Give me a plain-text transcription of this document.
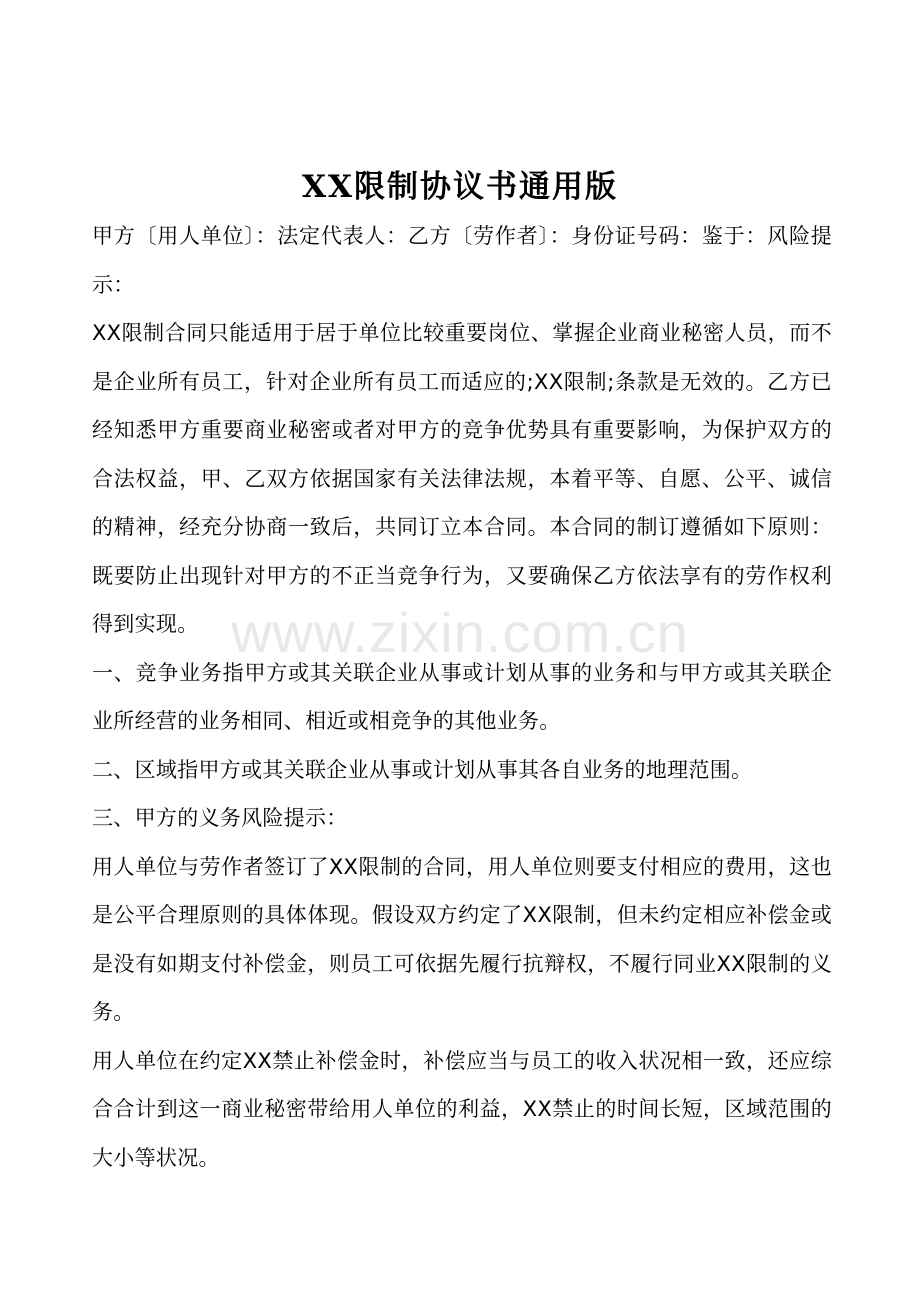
XX限制协议书通用版

甲方〔用人单位〕：法定代表人：乙方〔劳作者〕：身份证号码：鉴于：风险提示：

XX限制合同只能适用于居于单位比较重要岗位、掌握企业商业秘密人员，而不是企业所有员工，针对企业所有员工而适应的;XX限制;条款是无效的。乙方已经知悉甲方重要商业秘密或者对甲方的竞争优势具有重要影响，为保护双方的合法权益，甲、乙双方依据国家有关法律法规，本着平等、自愿、公平、诚信的精神，经充分协商一致后，共同订立本合同。本合同的制订遵循如下原则：既要防止出现针对甲方的不正当竞争行为，又要确保乙方依法享有的劳作权利得到实现。

一、竞争业务指甲方或其关联企业从事或计划从事的业务和与甲方或其关联企业所经营的业务相同、相近或相竞争的其他业务。

二、区域指甲方或其关联企业从事或计划从事其各自业务的地理范围。

三、甲方的义务风险提示：

用人单位与劳作者签订了XX限制的合同，用人单位则要支付相应的费用，这也是公平合理原则的具体体现。假设双方约定了XX限制，但未约定相应补偿金或是没有如期支付补偿金，则员工可依据先履行抗辩权，不履行同业XX限制的义务。

用人单位在约定XX禁止补偿金时，补偿应当与员工的收入状况相一致，还应综合合计到这一商业秘密带给用人单位的利益，XX禁止的时间长短，区域范围的大小等状况。

www.zixin.com.cn
